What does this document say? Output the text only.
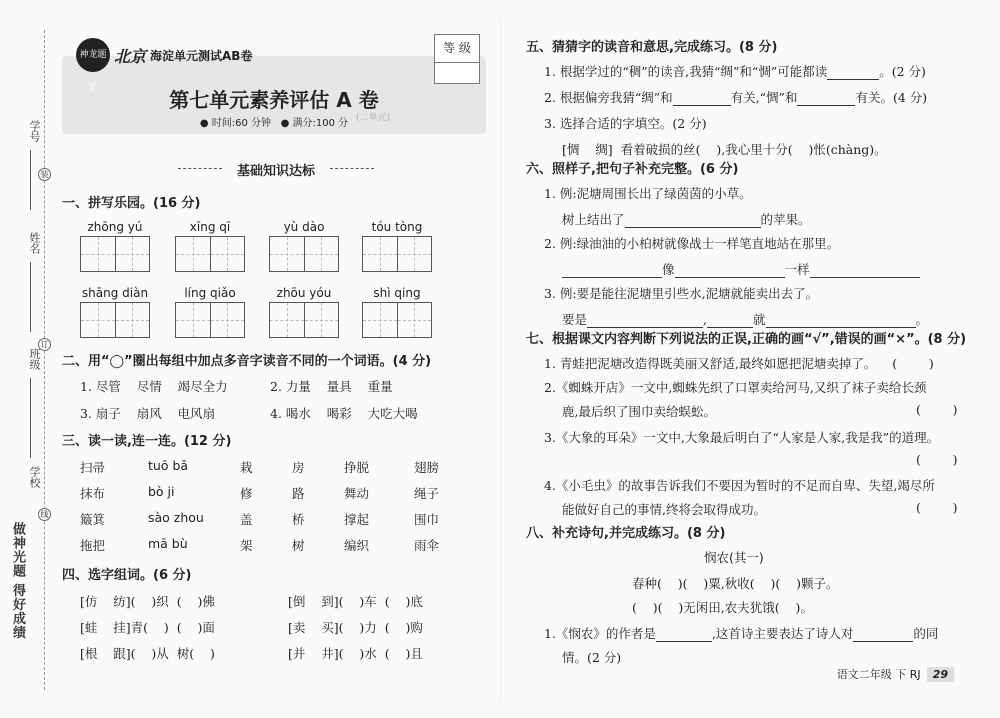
学号
装
姓名
订
班级
学校
线
做神光题 得好成绩
神龙题系
北京 海淀单元测试AB卷
等 级
第七单元素养评估 A 卷
● 时间:60 分钟 ● 满分:100 分 (二单元)
基础知识达标
一、拼写乐园。(16 分)
zhōng yú	xīng qī	yù dào	tóu tòng
shāng diàn	líng qiǎo	zhōu yóu	shì qing
二、用“◯”圈出每组中加点多音字读音不同的一个词语。(4 分)
1. 尽管    尽情    竭尽全力	2. 力量    量具    重量
3. 扇子    扇风    电风扇	4. 喝水    喝彩    大吃大喝
三、读一读,连一连。(12 分)
扫帚	tuō bǎ	栽	房	挣脱	翅膀
抹布	bò ji	修	路	舞动	绳子
簸箕	sào zhou	盖	桥	撑起	围巾
拖把	mā bù	架	树	编织	雨伞
四、选字组词。(6 分)
[仿    纺](    )织  (    )佛	[倒    到](    )车  (    )底
[蛙    挂]青(    )  (    )面	[卖    买](    )力  (    )购
[根    跟](    )从  树(    )	[并    井](    )水  (    )且
五、猜猜字的读音和意思,完成练习。(8 分)
1. 根据学过的“稠”的读音,我猜“绸”和“惆”可能都读	。(2 分)
2. 根据偏旁我猜“绸”和	有关,“惆”和	有关。(4 分)
3. 选择合适的字填空。(2 分)
[惆    绸]  看着破损的丝(    ),我心里十分(    )怅(chàng)。
六、照样子,把句子补充完整。(6 分)
1. 例:泥塘周围长出了绿茵茵的小草。
树上结出了	的苹果。
2. 例:绿油油的小柏树就像战士一样笔直地站在那里。
像	一样
3. 例:要是能往泥塘里引些水,泥塘就能卖出去了。
要是	,	就	。
七、根据课文内容判断下列说法的正误,正确的画“√”,错误的画“×”。(8 分)
1. 青蛙把泥塘改造得既美丽又舒适,最终如愿把泥塘卖掉了。    (        )
2.《蜘蛛开店》一文中,蜘蛛先织了口罩卖给河马,又织了袜子卖给长颈
鹿,最后织了围巾卖给蜈蚣。	(        )
3.《大象的耳朵》一文中,大象最后明白了“人家是人家,我是我”的道理。
(        )
4.《小毛虫》的故事告诉我们不要因为暂时的不足而自卑、失望,竭尽所
能做好自己的事情,终将会取得成功。	(        )
八、补充诗句,并完成练习。(8 分)
悯农(其一)
春种(    )(    )粟,秋收(    )(    )颗子。
(    )(    )无闲田,农夫犹饿(    )。
1.《悯农》的作者是	,这首诗主要表达了诗人对	的同
情。(2 分)
语文二年级 下 RJ	29
